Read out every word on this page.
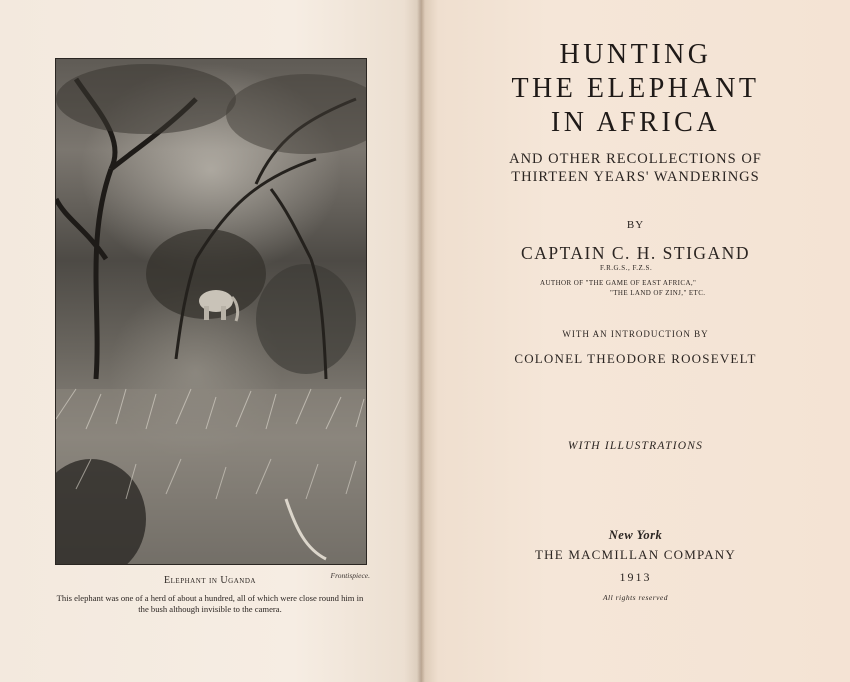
Frontispiece.
Elephant in Uganda
This elephant was one of a herd of about a hundred, all of which were close round him in the bush although invisible to the camera.
HUNTING
THE ELEPHANT
IN AFRICA
AND OTHER RECOLLECTIONS OF
THIRTEEN YEARS' WANDERINGS
BY
CAPTAIN C. H. STIGAND
F.R.G.S., F.Z.S.
AUTHOR OF "THE GAME OF EAST AFRICA,"
"THE LAND OF ZINJ," ETC.
WITH AN INTRODUCTION BY
COLONEL THEODORE ROOSEVELT
WITH ILLUSTRATIONS
New York
THE MACMILLAN COMPANY
1913
All rights reserved
